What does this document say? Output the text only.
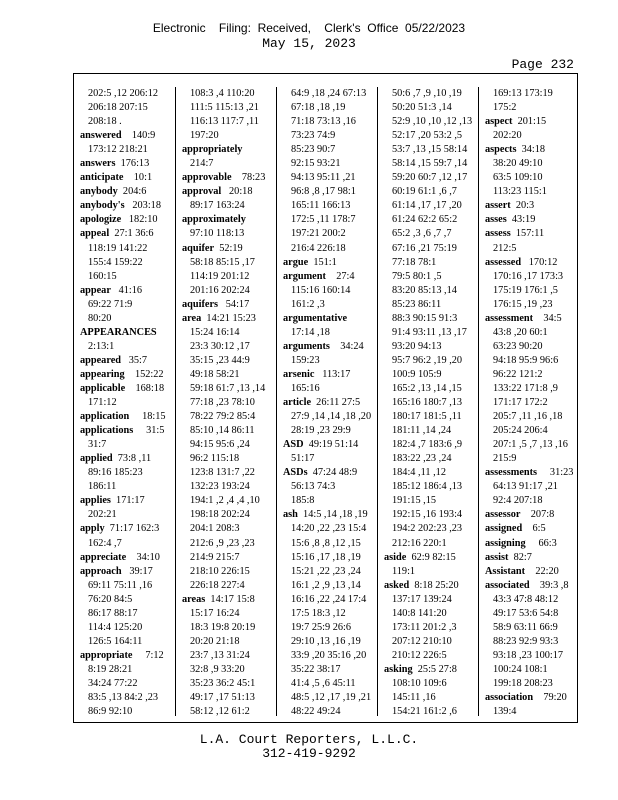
Electronic    Filing:  Received,    Clerk's  Office  05/22/2023
May 15, 2023
Page 232
202:5 ,12 206:12
206:18 207:15
208:18 .
answered    140:9
173:12 218:21
answers  176:13
anticipate    10:1
anybody  204:6
anybody's   203:18
apologize   182:10
appeal  27:1 36:6
118:19 141:22
155:4 159:22
160:15
appear   41:16
69:22 71:9
80:20
APPEARANCES
2:13:1
appeared   35:7
appearing    152:22
applicable    168:18
171:12
application     18:15
applications     31:5
31:7
applied  73:8 ,11
89:16 185:23
186:11
applies  171:17
202:21
apply  71:17 162:3
162:4 ,7
appreciate    34:10
approach   39:17
69:11 75:11 ,16
76:20 84:5
86:17 88:17
114:4 125:20
126:5 164:11
appropriate     7:12
8:19 28:21
34:24 77:22
83:5 ,13 84:2 ,23
86:9 92:10
108:3 ,4 110:20
111:5 115:13 ,21
116:13 117:7 ,11
197:20
appropriately
214:7
approvable    78:23
approval   20:18
89:17 163:24
approximately
97:10 118:13
aquifer  52:19
58:18 85:15 ,17
114:19 201:12
201:16 202:24
aquifers   54:17
area  14:21 15:23
15:24 16:14
23:3 30:12 ,17
35:15 ,23 44:9
49:18 58:21
59:18 61:7 ,13 ,14
77:18 ,23 78:10
78:22 79:2 85:4
85:10 ,14 86:11
94:15 95:6 ,24
96:2 115:18
123:8 131:7 ,22
132:23 193:24
194:1 ,2 ,4 ,4 ,10
198:18 202:24
204:1 208:3
212:6 ,9 ,23 ,23
214:9 215:7
218:10 226:15
226:18 227:4
areas  14:17 15:8
15:17 16:24
18:3 19:8 20:19
20:20 21:18
23:7 ,13 31:24
32:8 ,9 33:20
35:23 36:2 45:1
49:17 ,17 51:13
58:12 ,12 61:2
64:9 ,18 ,24 67:13
67:18 ,18 ,19
71:18 73:13 ,16
73:23 74:9
85:23 90:7
92:15 93:21
94:13 95:11 ,21
96:8 ,8 ,17 98:1
165:11 166:13
172:5 ,11 178:7
197:21 200:2
216:4 226:18
argue  151:1
argument    27:4
115:16 160:14
161:2 ,3
argumentative
17:14 ,18
arguments    34:24
159:23
arsenic   113:17
165:16
article  26:11 27:5
27:9 ,14 ,14 ,18 ,20
28:19 ,23 29:9
ASD  49:19 51:14
51:17
ASDs  47:24 48:9
56:13 74:3
185:8
ash  14:5 ,14 ,18 ,19
14:20 ,22 ,23 15:4
15:6 ,8 ,8 ,12 ,15
15:16 ,17 ,18 ,19
15:21 ,22 ,23 ,24
16:1 ,2 ,9 ,13 ,14
16:16 ,22 ,24 17:4
17:5 18:3 ,12
19:7 25:9 26:6
29:10 ,13 ,16 ,19
33:9 ,20 35:16 ,20
35:22 38:17
41:4 ,5 ,6 45:11
48:5 ,12 ,17 ,19 ,21
48:22 49:24
50:6 ,7 ,9 ,10 ,19
50:20 51:3 ,14
52:9 ,10 ,10 ,12 ,13
52:17 ,20 53:2 ,5
53:7 ,13 ,15 58:14
58:14 ,15 59:7 ,14
59:20 60:7 ,12 ,17
60:19 61:1 ,6 ,7
61:14 ,17 ,17 ,20
61:24 62:2 65:2
65:2 ,3 ,6 ,7 ,7
67:16 ,21 75:19
77:18 78:1
79:5 80:1 ,5
83:20 85:13 ,14
85:23 86:11
88:3 90:15 91:3
91:4 93:11 ,13 ,17
93:20 94:13
95:7 96:2 ,19 ,20
100:9 105:9
165:2 ,13 ,14 ,15
165:16 180:7 ,13
180:17 181:5 ,11
181:11 ,14 ,24
182:4 ,7 183:6 ,9
183:22 ,23 ,24
184:4 ,11 ,12
185:12 186:4 ,13
191:15 ,15
192:15 ,16 193:4
194:2 202:23 ,23
212:16 220:1
aside  62:9 82:15
119:1
asked  8:18 25:20
137:17 139:24
140:8 141:20
173:11 201:2 ,3
207:12 210:10
210:12 226:5
asking  25:5 27:8
108:10 109:6
145:11 ,16
154:21 161:2 ,6
169:13 173:19
175:2
aspect  201:15
202:20
aspects  34:18
38:20 49:10
63:5 109:10
113:23 115:1
assert  20:3
asses  43:19
assess  157:11
212:5
assessed   170:12
170:16 ,17 173:3
175:19 176:1 ,5
176:15 ,19 ,23
assessment    34:5
43:8 ,20 60:1
63:23 90:20
94:18 95:9 96:6
96:22 121:2
133:22 171:8 ,9
171:17 172:2
205:7 ,11 ,16 ,18
205:24 206:4
207:1 ,5 ,7 ,13 ,16
215:9
assessments     31:23
64:13 91:17 ,21
92:4 207:18
assessor    207:8
assigned    6:5
assigning     66:3
assist  82:7
Assistant    22:20
associated    39:3 ,8
43:3 47:8 48:12
49:17 53:6 54:8
58:9 63:11 66:9
88:23 92:9 93:3
93:18 ,23 100:17
100:24 108:1
199:18 208:23
association    79:20
139:4
L.A. Court Reporters, L.L.C.
312-419-9292
